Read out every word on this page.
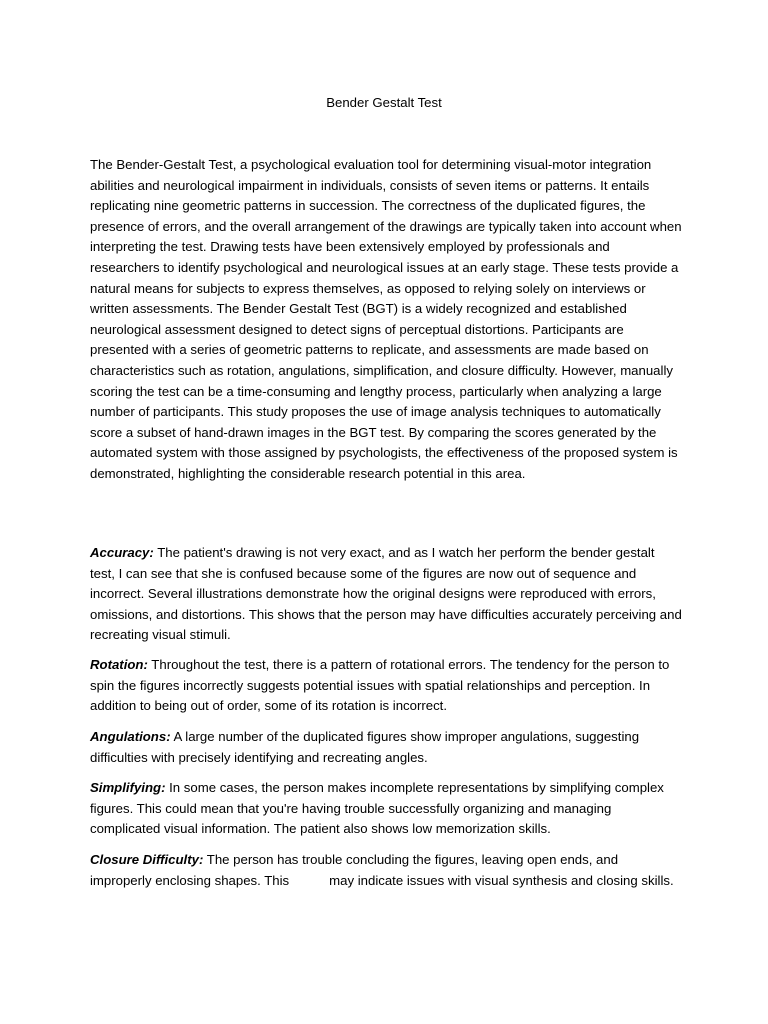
Bender Gestalt Test

The Bender-Gestalt Test, a psychological evaluation tool for determining visual-motor integration abilities and neurological impairment in individuals, consists of seven items or patterns. It entails replicating nine geometric patterns in succession. The correctness of the duplicated figures, the presence of errors, and the overall arrangement of the drawings are typically taken into account when interpreting the test. Drawing tests have been extensively employed by professionals and researchers to identify psychological and neurological issues at an early stage. These tests provide a natural means for subjects to express themselves, as opposed to relying solely on interviews or written assessments. The Bender Gestalt Test (BGT) is a widely recognized and established neurological assessment designed to detect signs of perceptual distortions. Participants are presented with a series of geometric patterns to replicate, and assessments are made based on characteristics such as rotation, angulations, simplification, and closure difficulty. However, manually scoring the test can be a time-consuming and lengthy process, particularly when analyzing a large number of participants. This study proposes the use of image analysis techniques to automatically score a subset of hand-drawn images in the BGT test. By comparing the scores generated by the automated system with those assigned by psychologists, the effectiveness of the proposed system is demonstrated, highlighting the considerable research potential in this area.

Accuracy: The patient's drawing is not very exact, and as I watch her perform the bender gestalt test, I can see that she is confused because some of the figures are now out of sequence and incorrect. Several illustrations demonstrate how the original designs were reproduced with errors, omissions, and distortions. This shows that the person may have difficulties accurately perceiving and recreating visual stimuli.

Rotation: Throughout the test, there is a pattern of rotational errors. The tendency for the person to spin the figures incorrectly suggests potential issues with spatial relationships and perception. In addition to being out of order, some of its rotation is incorrect.

Angulations: A large number of the duplicated figures show improper angulations, suggesting difficulties with precisely identifying and recreating angles.

Simplifying: In some cases, the person makes incomplete representations by simplifying complex figures. This could mean that you're having trouble successfully organizing and managing complicated visual information. The patient also shows low memorization skills.

Closure Difficulty: The person has trouble concluding the figures, leaving open ends, and improperly enclosing shapes. This	may indicate issues with visual synthesis and closing skills.
